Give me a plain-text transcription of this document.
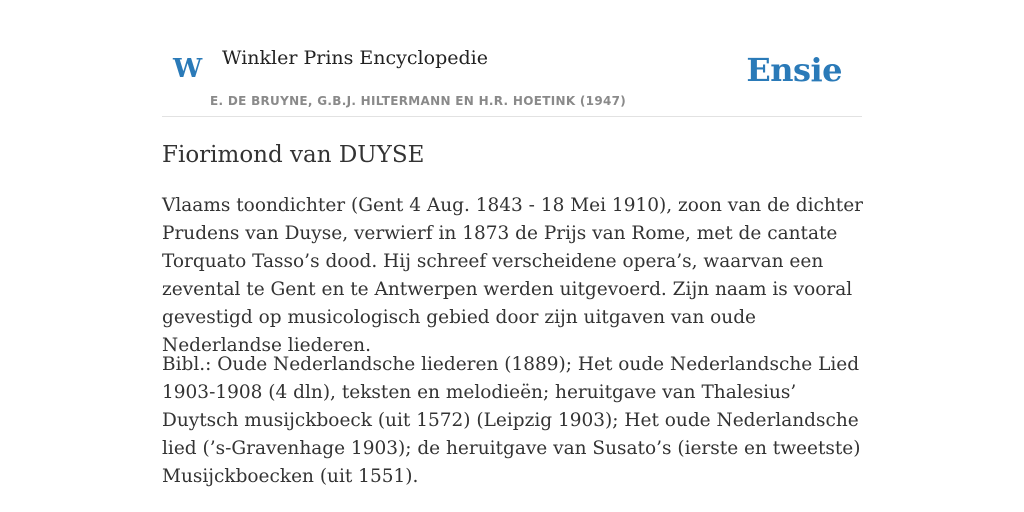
W Winkler Prins Encyclopedie	Ensie
E. DE BRUYNE, G.B.J. HILTERMANN EN H.R. HOETINK (1947)
Fiorimond van DUYSE

Vlaams toondichter (Gent 4 Aug. 1843 - 18 Mei 1910), zoon van de dichter Prudens van Duyse, verwierf in 1873 de Prijs van Rome, met de cantate Torquato Tasso’s dood. Hij schreef verscheidene opera’s, waarvan een zevental te Gent en te Antwerpen werden uitgevoerd. Zijn naam is vooral gevestigd op musicologisch gebied door zijn uitgaven van oude Nederlandse liederen.

Bibl.: Oude Nederlandsche liederen (1889); Het oude Nederlandsche Lied 1903-1908 (4 dln), teksten en melodieën; heruitgave van Thalesius’ Duytsch musijckboeck (uit 1572) (Leipzig 1903); Het oude Nederlandsche lied (’s-Gravenhage 1903); de heruitgave van Susato’s (ierste en tweetste) Musijckboecken (uit 1551).
